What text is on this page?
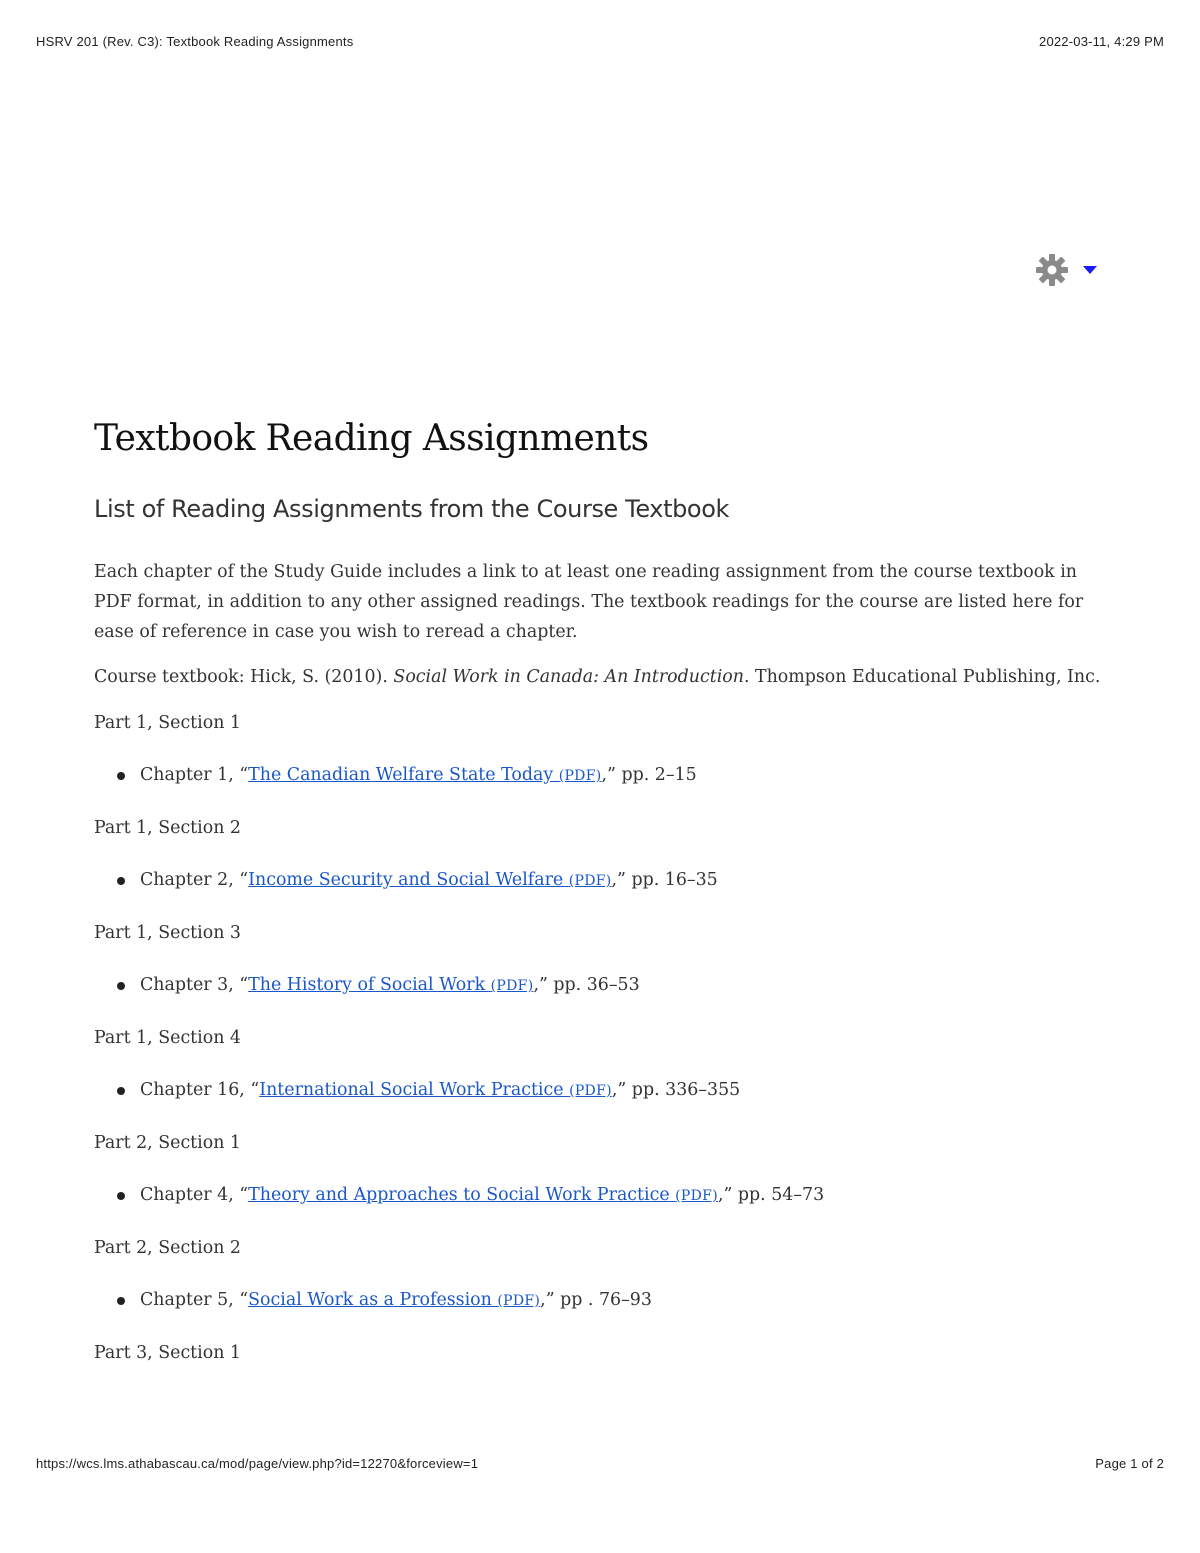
HSRV 201 (Rev. C3): Textbook Reading Assignments	2022-03-11, 4:29 PM
Textbook Reading Assignments
List of Reading Assignments from the Course Textbook

Each chapter of the Study Guide includes a link to at least one reading assignment from the course textbook in PDF format, in addition to any other assigned readings. The textbook readings for the course are listed here for ease of reference in case you wish to reread a chapter.

Course textbook: Hick, S. (2010). Social Work in Canada: An Introduction. Thompson Educational Publishing, Inc.

Part 1, Section 1

Chapter 1, “The Canadian Welfare State Today (PDF),” pp. 2–15

Part 1, Section 2

Chapter 2, “Income Security and Social Welfare (PDF),” pp. 16–35

Part 1, Section 3

Chapter 3, “The History of Social Work (PDF),” pp. 36–53

Part 1, Section 4

Chapter 16, “International Social Work Practice (PDF),” pp. 336–355

Part 2, Section 1

Chapter 4, “Theory and Approaches to Social Work Practice (PDF),” pp. 54–73

Part 2, Section 2

Chapter 5, “Social Work as a Profession (PDF),” pp . 76–93

Part 3, Section 1

https://wcs.lms.athabascau.ca/mod/page/view.php?id=12270&forceview=1	Page 1 of 2
